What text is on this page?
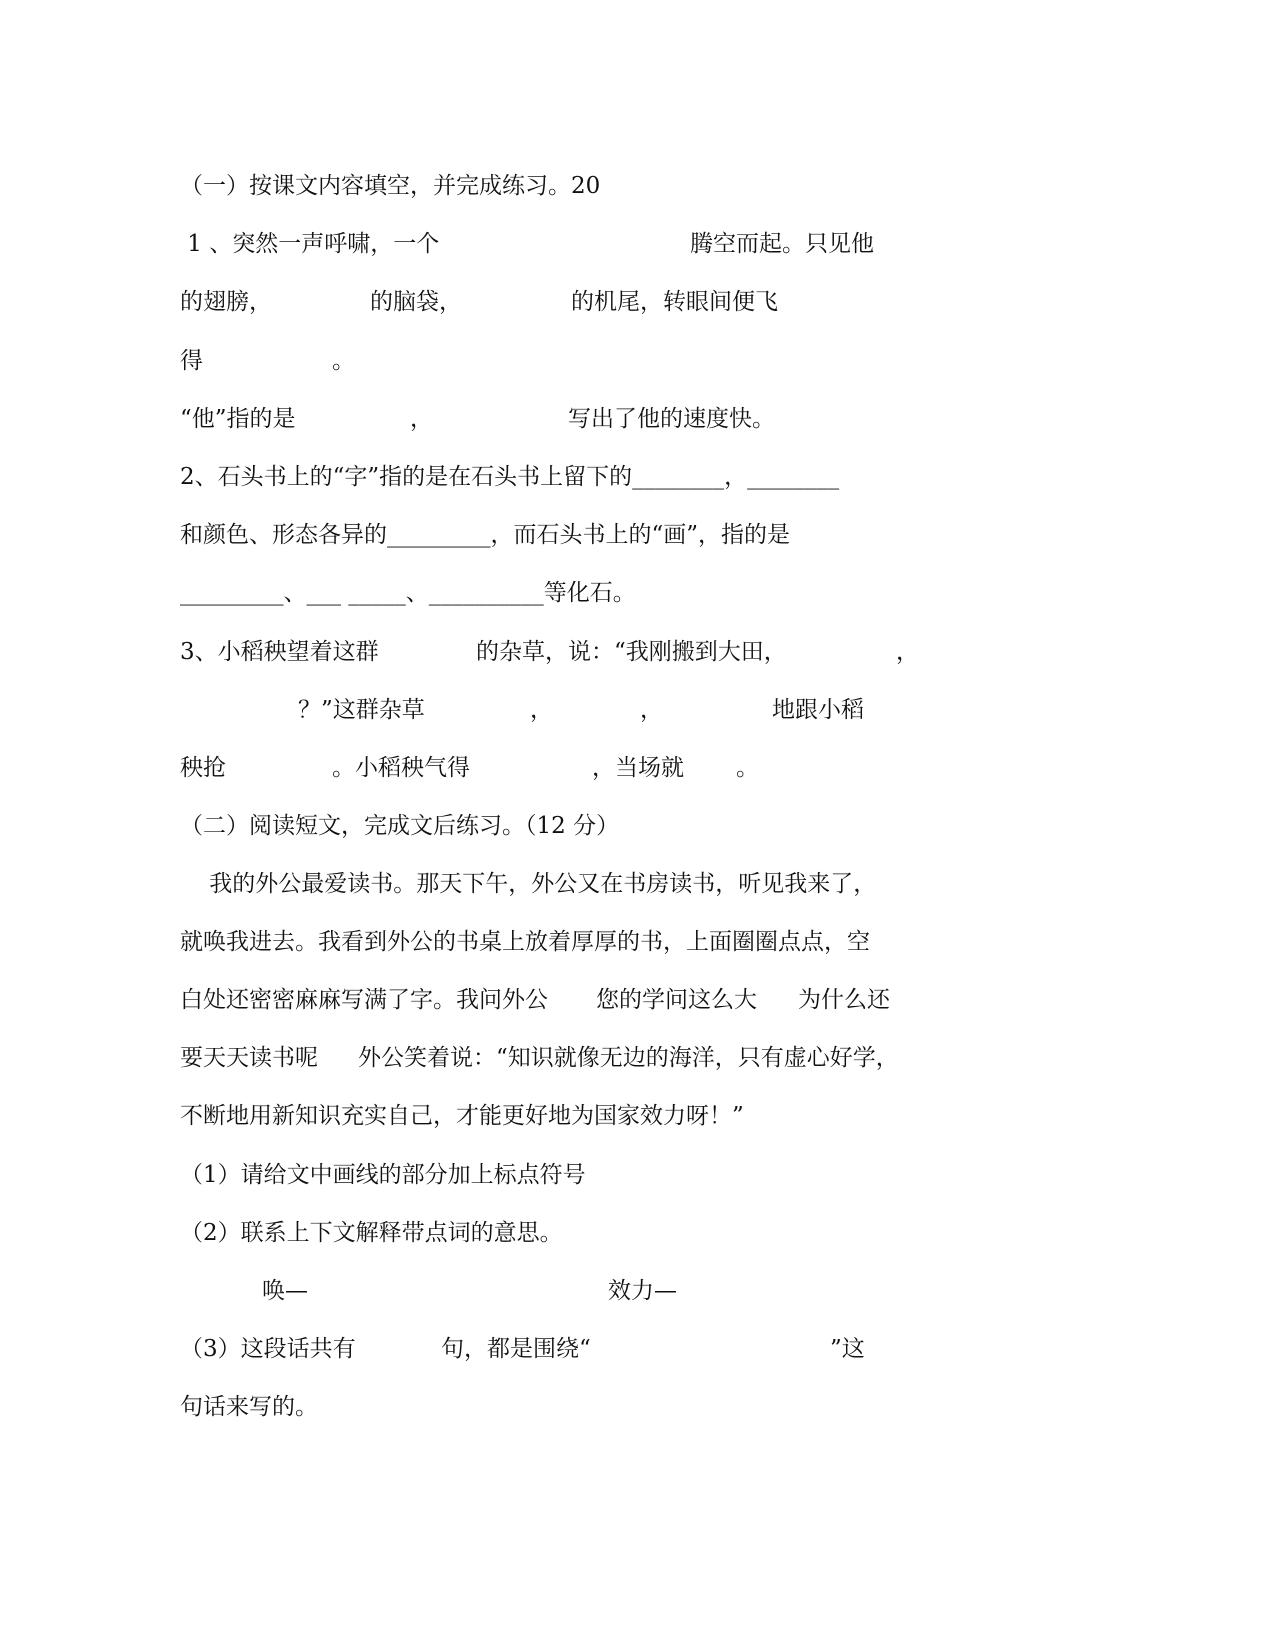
（一）按课文内容填空，并完成练习。20
1 、突然一声呼啸，一个	腾空而起。只见他
的翅膀，	的脑袋，	的机尾，转眼间便飞
得	。
“他”指的是	，	写出了他的速度快。
2、石头书上的“字”指的是在石头书上留下的________，________
和颜色、形态各异的_________，而石头书上的“画”，指的是
_________、___ _____、__________等化石。
3、小稻秧望着这群	的杂草，说：“我刚搬到大田，	，
？”这群杂草	，	，	地跟小稻
秧抢	。小稻秧气得	，当场就 。
（二）阅读短文，完成文后练习。（12 分）
我的外公最爱读书。那天下午，外公又在书房读书，听见我来了，
就唤我进去。我看到外公的书桌上放着厚厚的书，上面圈圈点点，空
白处还密密麻麻写满了字。我问外公 您的学问这么大 为什么还
要天天读书呢 外公笑着说：“知识就像无边的海洋，只有虚心好学，
不断地用新知识充实自己，才能更好地为国家效力呀！”
（1）请给文中画线的部分加上标点符号
（2）联系上下文解释带点词的意思。
唤—	效力—
（3）这段话共有	句，都是围绕“	”这
句话来写的。
